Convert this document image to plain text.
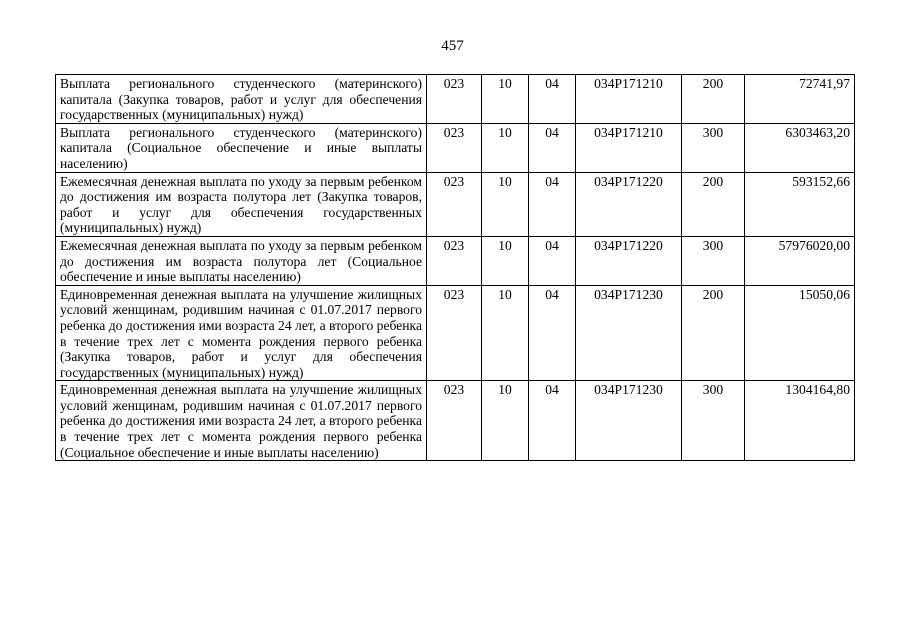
457
Выплата регионального студенческого (материнского) капитала (Закупка товаров, работ и услуг для обеспечения государственных (муниципальных) нужд)	023	10	04	034P171210	200	72741,97
Выплата регионального студенческого (материнского) капитала (Социальное обеспечение и иные выплаты населению)	023	10	04	034P171210	300	6303463,20
Ежемесячная денежная выплата по уходу за первым ребенком до достижения им возраста полутора лет (Закупка товаров, работ и услуг для обеспечения государственных (муниципальных) нужд)	023	10	04	034P171220	200	593152,66
Ежемесячная денежная выплата по уходу за первым ребенком до достижения им возраста полутора лет (Социальное обеспечение и иные выплаты населению)	023	10	04	034P171220	300	57976020,00
Единовременная денежная выплата на улучшение жилищных условий женщинам, родившим начиная с 01.07.2017 первого ребенка до достижения ими возраста 24 лет, а второго ребенка в течение трех лет с момента рождения первого ребенка (Закупка товаров, работ и услуг для обеспечения государственных (муниципальных) нужд)	023	10	04	034P171230	200	15050,06
Единовременная денежная выплата на улучшение жилищных условий женщинам, родившим начиная с 01.07.2017 первого ребенка до достижения ими возраста 24 лет, а второго ребенка в течение трех лет с момента рождения первого ребенка (Социальное обеспечение и иные выплаты населению)	023	10	04	034P171230	300	1304164,80
